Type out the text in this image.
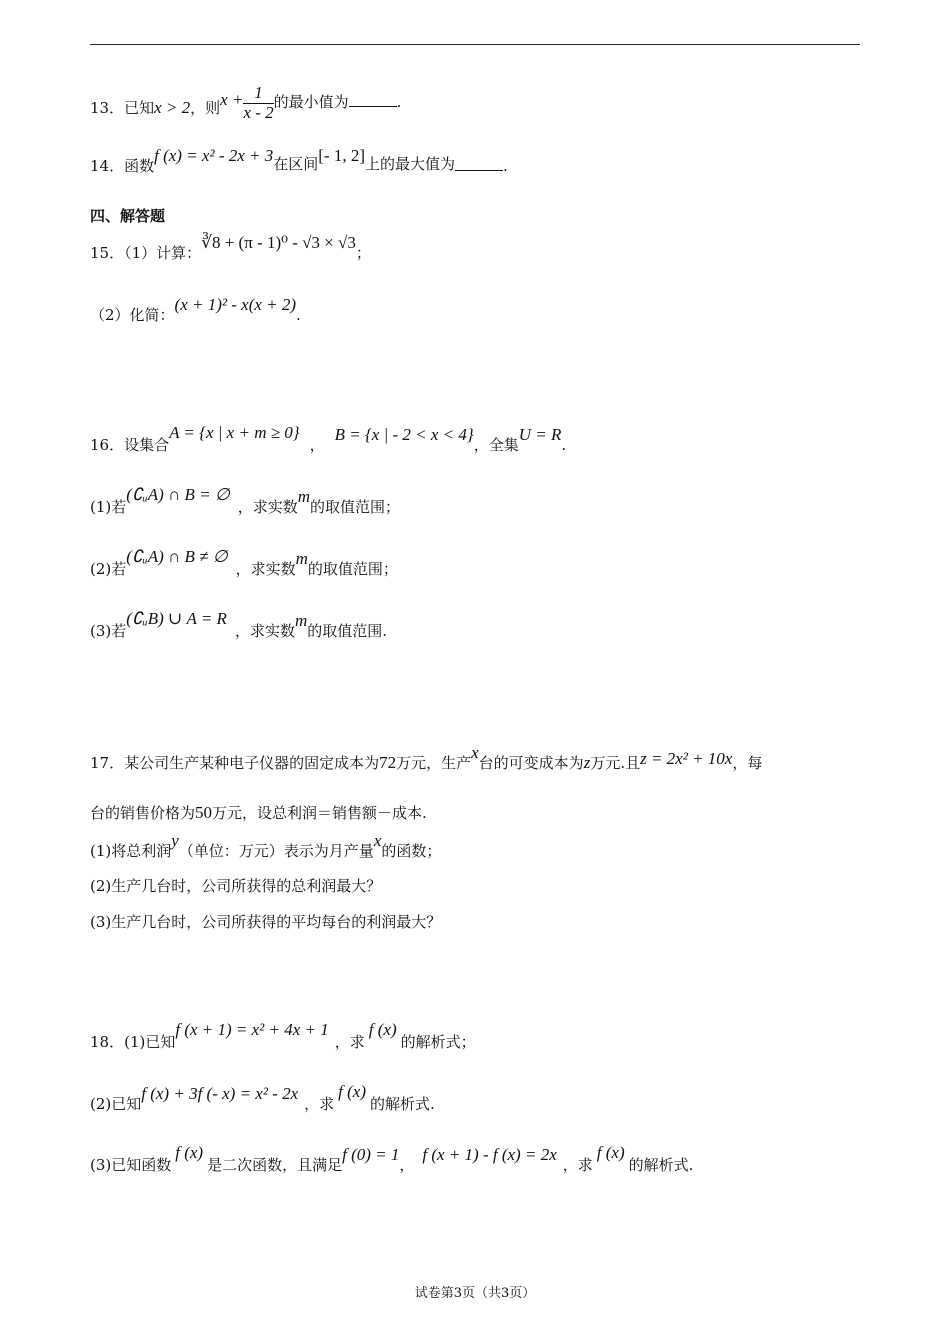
13．已知x > 2，则$x + \frac{1}{x - 2}$ 的最小值为	.
14．函数f (x) = x² - 2x + 3在区间[- 1, 2]上的最大值为	.
四、解答题
15．（1）计算：∛8 + (π - 1)⁰ - √3 × √3；
（2）化简：(x + 1)² - x(x + 2).
16．设集合A = {x | x + m ≥ 0}，B = {x | - 2 < x < 4}，全集U = R.
(1)若(∁ᵤA) ∩ B = ∅，求实数m的取值范围；
(2)若(∁ᵤA) ∩ B ≠ ∅，求实数m的取值范围；
(3)若(∁ᵤB) ∪ A = R，求实数m的取值范围.
17．某公司生产某种电子仪器的固定成本为72万元，生产x台的可变成本为z万元.且z = 2x² + 10x，每
台的销售价格为50万元，设总利润＝销售额－成本.
(1)将总利润y（单位：万元）表示为月产量x的函数；
(2)生产几台时，公司所获得的总利润最大？
(3)生产几台时，公司所获得的平均每台的利润最大？
18．(1)已知f (x + 1) = x² + 4x + 1，求f (x)的解析式；
(2)已知f (x) + 3f (- x) = x² - 2x，求f (x)的解析式.
(3)已知函数f (x)是二次函数，且满足f (0) = 1，f (x + 1) - f (x) = 2x，求f (x)的解析式.
试卷第3页（共3页）
